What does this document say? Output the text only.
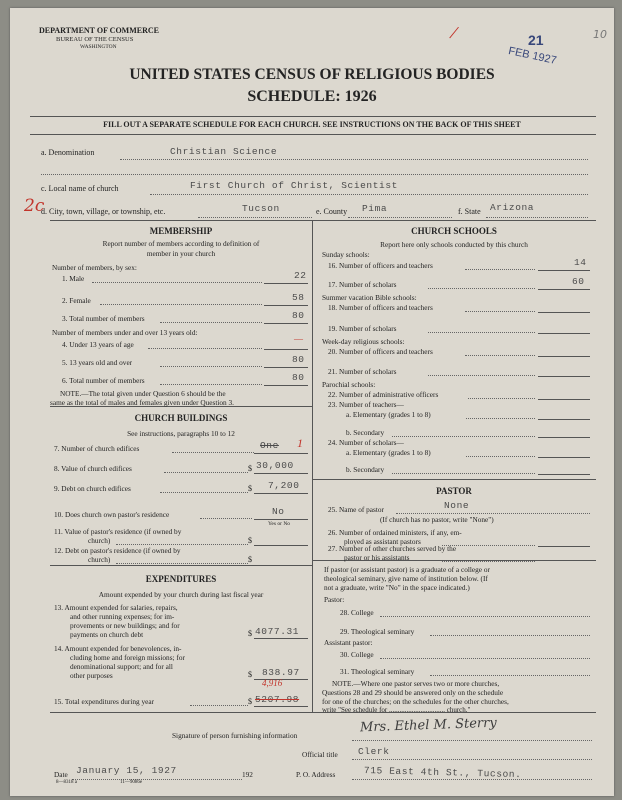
DEPARTMENT OF COMMERCE
BUREAU OF THE CENSUS
WASHINGTON
UNITED STATES CENSUS OF RELIGIOUS BODIES
SCHEDULE: 1926
21
FEB 1927
10
/
FILL OUT A SEPARATE SCHEDULE FOR EACH CHURCH. SEE INSTRUCTIONS ON THE BACK OF THIS SHEET
a. Denomination	Christian Science
c. Local name of church	First Church of Christ, Scientist
2c
d. City, town, village, or township, etc.	Tucson	e. County Pima	f. State Arizona
MEMBERSHIP
Report number of members according to definition of
member in your church
Number of members, by sex:
1. Male	22
2. Female	58
3. Total number of members	80
Number of members under and over 13 years old:
4. Under 13 years of age
—
5. 13 years old and over	80
6. Total number of members	80
NOTE.—The total given under Question 6 should be the
same as the total of males and females given under Question 3.
CHURCH BUILDINGS
See instructions, paragraphs 10 to 12
7. Number of church edifices	One 1
8. Value of church edifices	$ 30,000
9. Debt on church edifices	$ 7,200
10. Does church own pastor's residence	No
Yes or No
11. Value of pastor's residence (if owned by
church)	$
12. Debt on pastor's residence (if owned by
church)	$
EXPENDITURES
Amount expended by your church during last fiscal year
13. Amount expended for salaries, repairs,
and other running expenses; for im-
provements or new buildings; and for
payments on church debt	$ 4077.31
14. Amount expended for benevolences, in-
cluding home and foreign missions; for
denominational support; and for all
other purposes	$ 838.97
4,916
15. Total expenditures during year	$ 5207.98
CHURCH SCHOOLS
Report here only schools conducted by this church
Sunday schools:
16. Number of officers and teachers	14
17. Number of scholars	60
Summer vacation Bible schools:
18. Number of officers and teachers
19. Number of scholars
Week-day religious schools:
20. Number of officers and teachers
21. Number of scholars
Parochial schools:
22. Number of administrative officers
23. Number of teachers—
a. Elementary (grades 1 to 8)
b. Secondary
24. Number of scholars—
a. Elementary (grades 1 to 8)
b. Secondary
PASTOR
25. Name of pastor	None
(If church has no pastor, write "None")
26. Number of ordained ministers, if any, em-
ployed as assistant pastors
27. Number of other churches served by the
pastor or his assistants
If pastor (or assistant pastor) is a graduate of a college or
theological seminary, give name of institution below. (If
not a graduate, write "No" in the space indicated.)
Pastor:
28. College
29. Theological seminary
Assistant pastor:
30. College
31. Theological seminary
NOTE.—Where one pastor serves two or more churches,
Questions 28 and 29 should be answered only on the schedule
for one of the churches; on the schedules for the other churches,
write "See schedule for ................................ church."
Signature of person furnishing information
Mrs. Ethel M. Sterry
Official title Clerk
Date January 15, 1927	192
8—8318 a	11—9086e
P. O. Address	715 East 4th St., Tucson.
